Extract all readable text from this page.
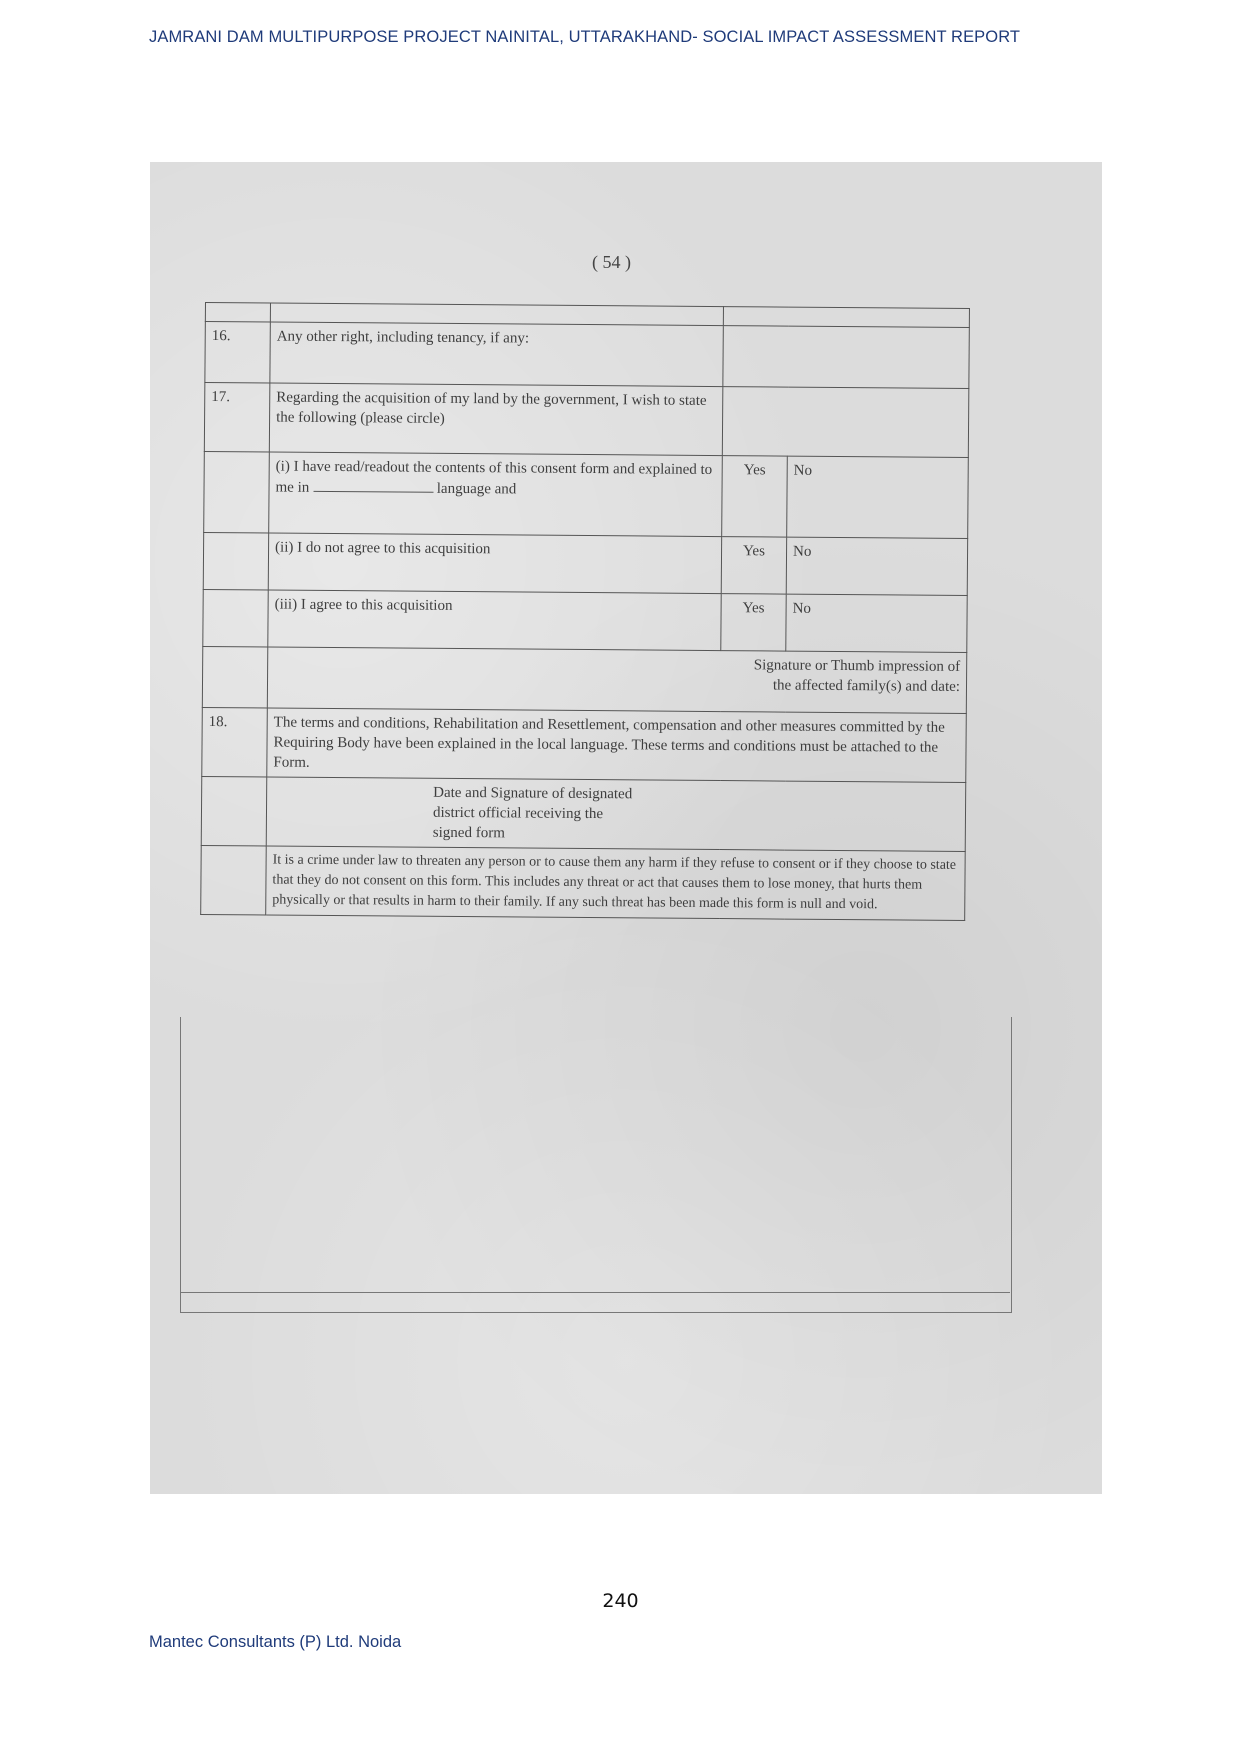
JAMRANI DAM MULTIPURPOSE PROJECT NAINITAL, UTTARAKHAND- SOCIAL IMPACT ASSESSMENT REPORT
( 54 )

16.	Any other right, including tenancy, if any:		
17.	Regarding the acquisition of my land by the government, I wish to state the following (please circle)		
	(i) I have read/readout the contents of this consent form and explained to me in language and	Yes	No
	(ii) I do not agree to this acquisition	Yes	No
	(iii) I agree to this acquisition	Yes	No

	Signature or Thumb impression of
the affected family(s) and date:		

18.	The terms and conditions, Rehabilitation and Resettlement, compensation and other measures committed by the Requiring Body have been explained in the local language. These terms and conditions must be attached to the Form.		

	Date and Signature of designated
district official receiving the
signed form		

	It is a crime under law to threaten any person or to cause them any harm if they refuse to consent or if they choose to state that they do not consent on this form. This includes any threat or act that causes them to lose money, that hurts them physically or that results in harm to their family. If any such threat has been made this form is null and void.		
240
Mantec Consultants (P) Ltd. Noida
